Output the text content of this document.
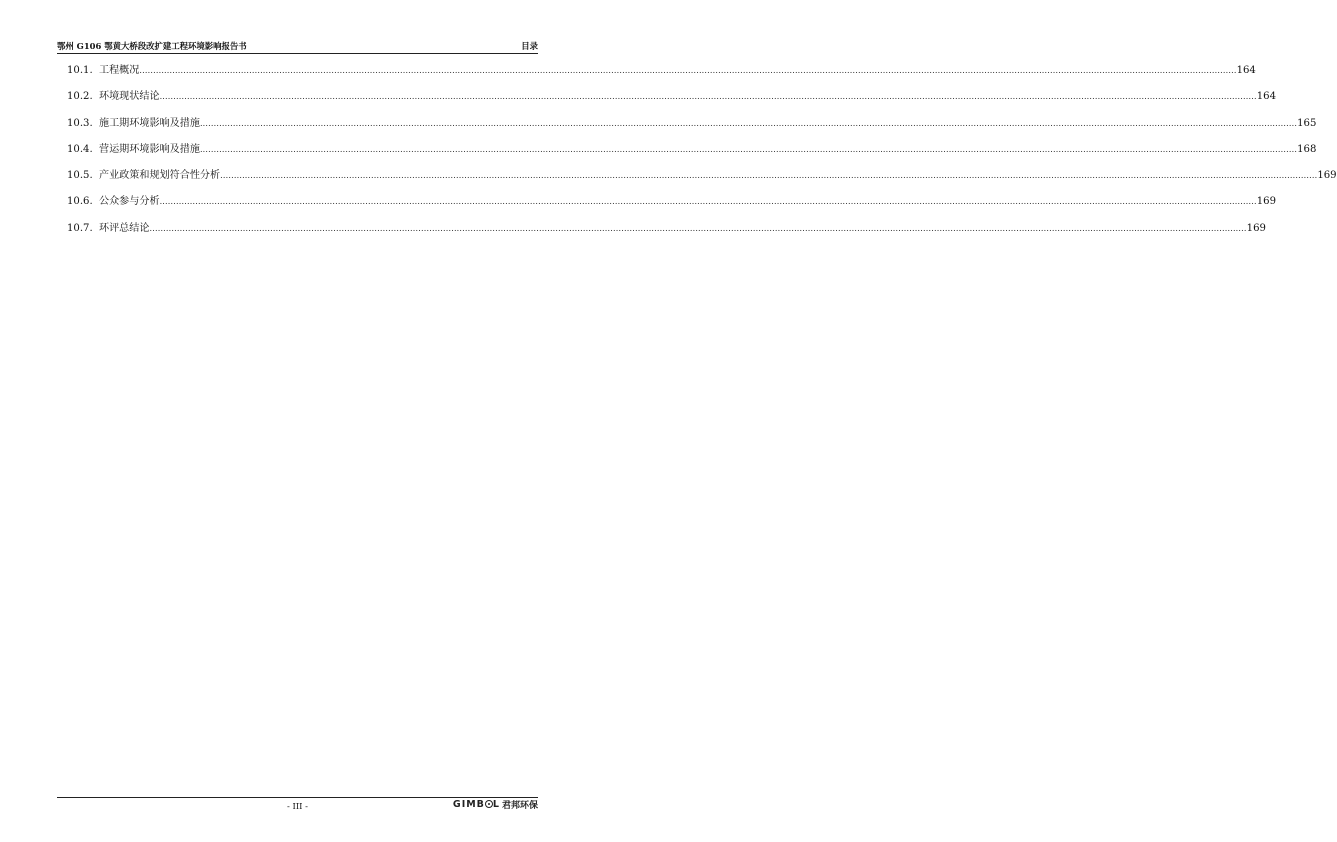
鄂州 G106 鄂黄大桥段改扩建工程环境影响报告书	目录
10.1. 工程概况 ................................................................................................................................................................................................................................................................................................................................................................................................................ 164
10.2. 环境现状结论 ................................................................................................................................................................................................................................................................................................................................................................................................................ 164
10.3. 施工期环境影响及措施 ................................................................................................................................................................................................................................................................................................................................................................................................................ 165
10.4. 营运期环境影响及措施 ................................................................................................................................................................................................................................................................................................................................................................................................................ 168
10.5. 产业政策和规划符合性分析 ................................................................................................................................................................................................................................................................................................................................................................................................................ 169
10.6. 公众参与分析 ................................................................................................................................................................................................................................................................................................................................................................................................................ 169
10.7. 环评总结论 ................................................................................................................................................................................................................................................................................................................................................................................................................ 169
- III -	GIMB L 君邦环保
